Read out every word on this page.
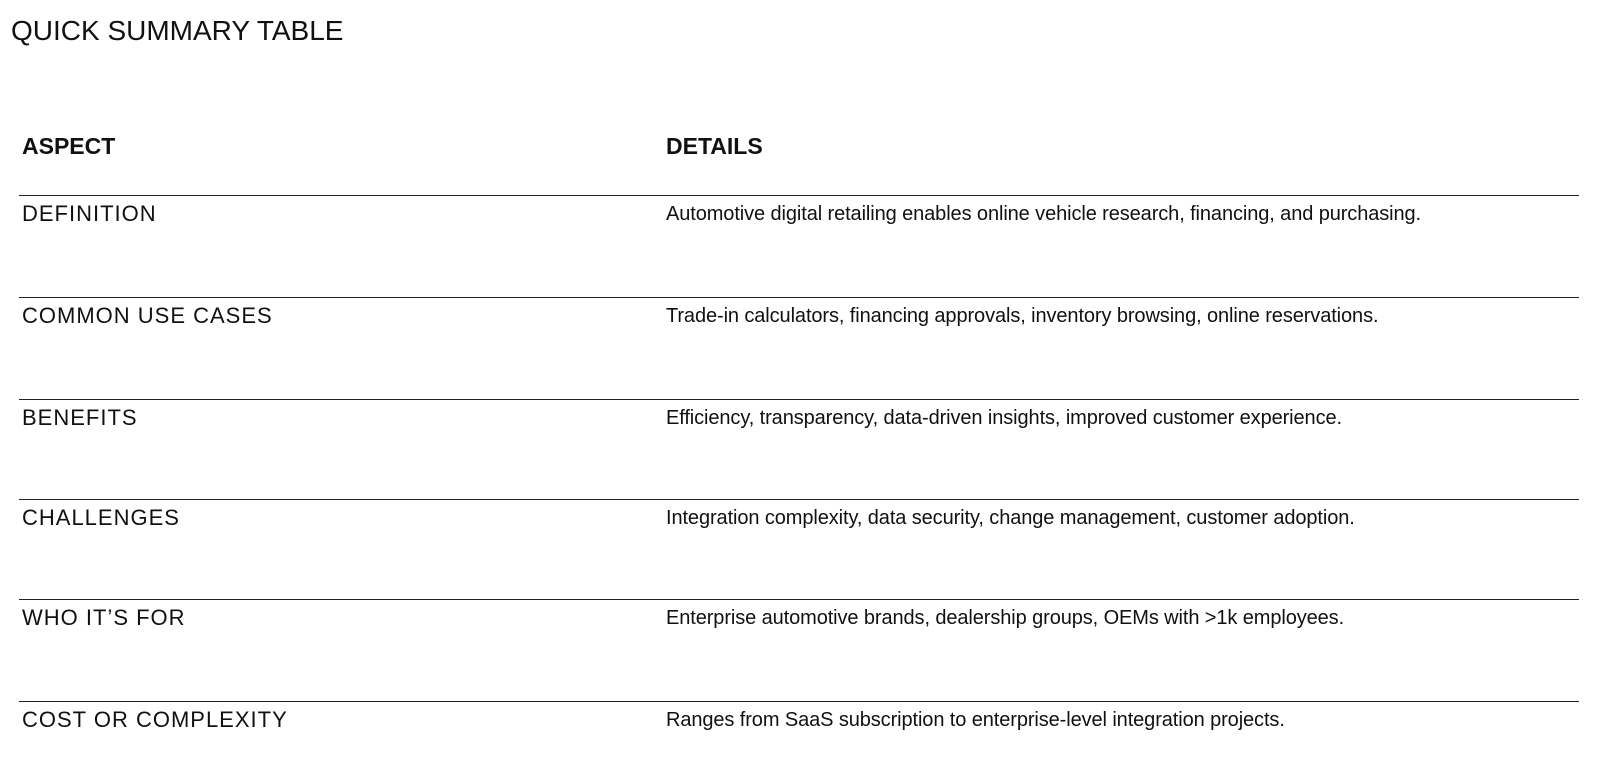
QUICK SUMMARY TABLE
ASPECT	DETAILS
DEFINITION	Automotive digital retailing enables online vehicle research, financing, and purchasing.
COMMON USE CASES	Trade-in calculators, financing approvals, inventory browsing, online reservations.
BENEFITS	Efficiency, transparency, data-driven insights, improved customer experience.
CHALLENGES	Integration complexity, data security, change management, customer adoption.
WHO IT’S FOR	Enterprise automotive brands, dealership groups, OEMs with >1k employees.
COST OR COMPLEXITY	Ranges from SaaS subscription to enterprise-level integration projects.
